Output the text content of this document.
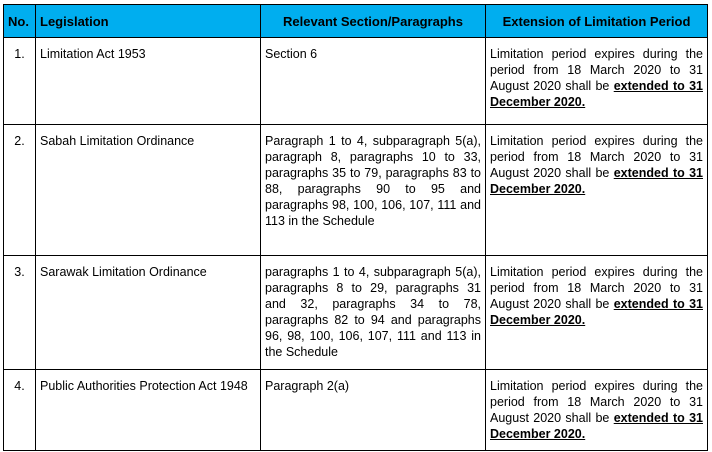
No.	Legislation	Relevant Section/Paragraphs	Extension of Limitation Period
1.	Limitation Act 1953	Section 6	Limitation period expires during the period from 18 March 2020 to 31 August 2020 shall be extended to 31 December 2020.
2.	Sabah Limitation Ordinance	Paragraph 1 to 4, subparagraph 5(a), paragraph 8, paragraphs 10 to 33, paragraphs 35 to 79, paragraphs 83 to 88, paragraphs 90 to 95 and paragraphs 98, 100, 106, 107, 111 and 113 in the Schedule	Limitation period expires during the period from 18 March 2020 to 31 August 2020 shall be extended to 31 December 2020.
3.	Sarawak Limitation Ordinance	paragraphs 1 to 4, subparagraph 5(a), paragraphs 8 to 29, paragraphs 31 and 32, paragraphs 34 to 78, paragraphs 82 to 94 and paragraphs 96, 98, 100, 106, 107, 111 and 113 in the Schedule	Limitation period expires during the period from 18 March 2020 to 31 August 2020 shall be extended to 31 December 2020.
4.	Public Authorities Protection Act 1948	Paragraph 2(a)	Limitation period expires during the period from 18 March 2020 to 31 August 2020 shall be extended to 31 December 2020.
